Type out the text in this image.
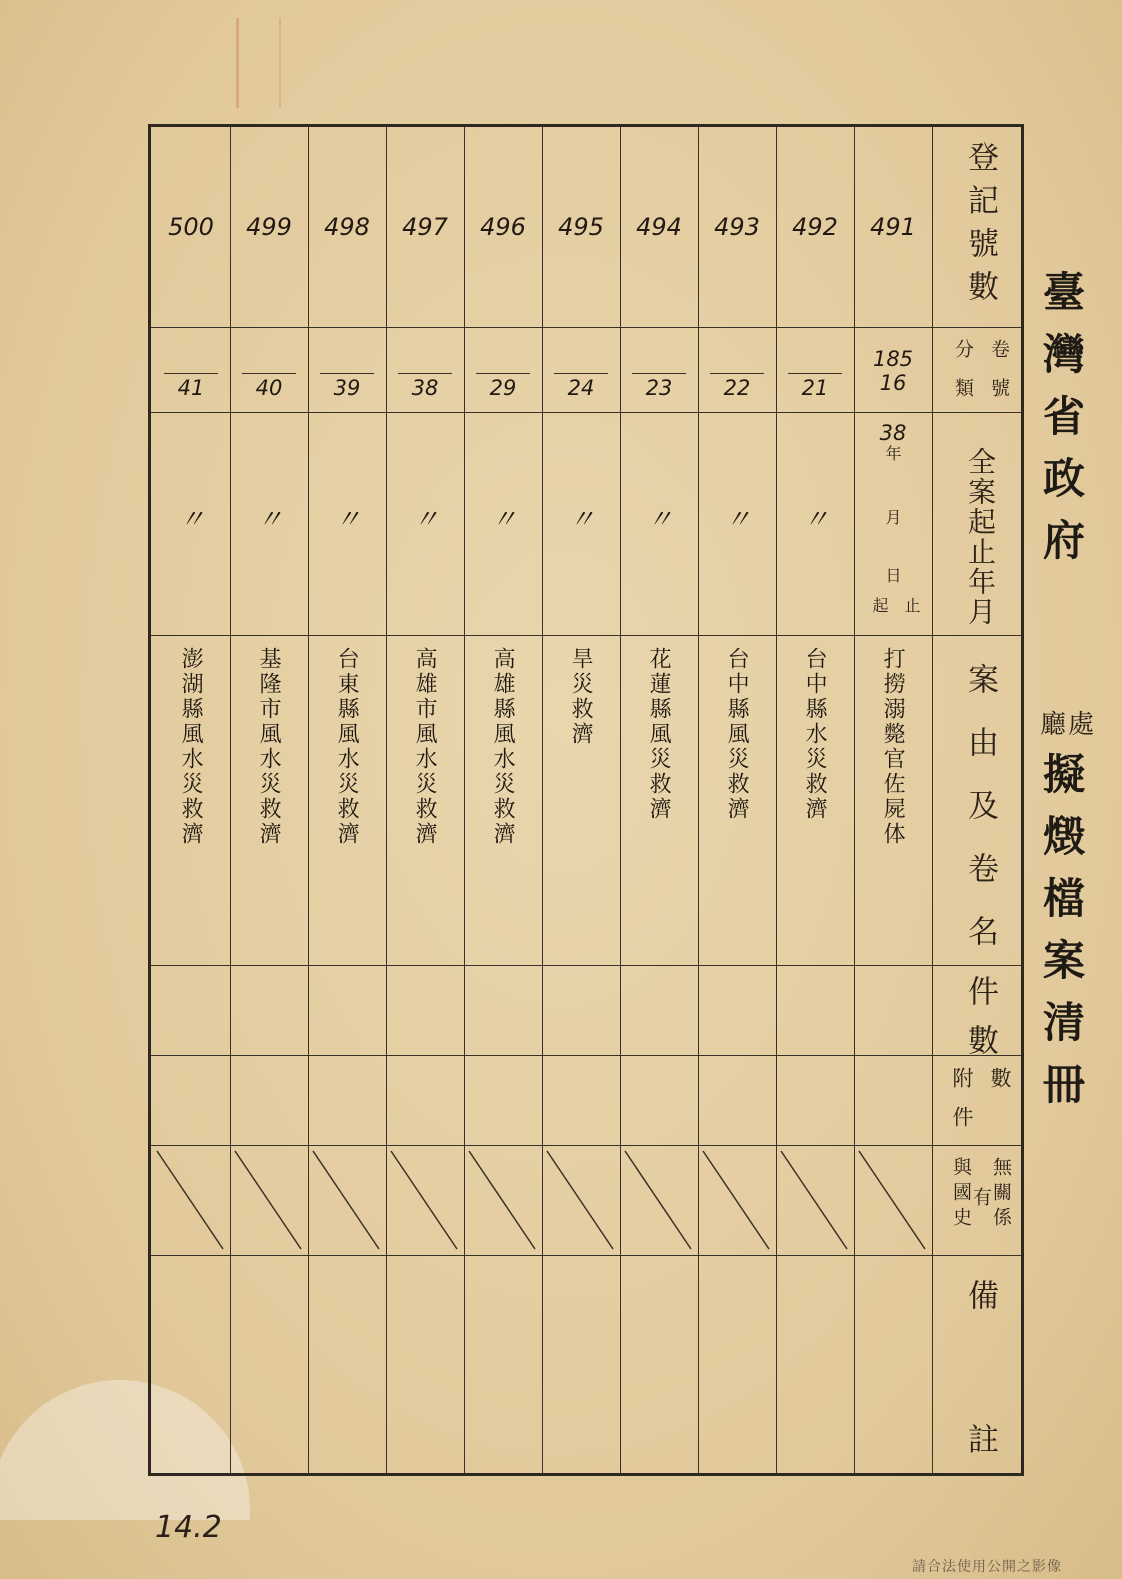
臺灣省政府
廳處
擬燬檔案清冊
登記號數
卷號
分類
全案起止年月
案由及卷名
件數
數
附件
無關係
有
與國史
備
註
491
185
16
38
打撈溺斃官佐屍体
492
21
〃
台中縣水災救濟
493
22
〃
台中縣風災救濟
494
23
〃
花蓮縣風災救濟
495
24
〃
旱災救濟
496
29
〃
高雄縣風水災救濟
497
38
〃
高雄市風水災救濟
498
39
〃
台東縣風水災救濟
499
40
〃
基隆市風水災救濟
500
41
〃
澎湖縣風水災救濟
年
月
日
起 止
14.2
請合法使用公開之影像
